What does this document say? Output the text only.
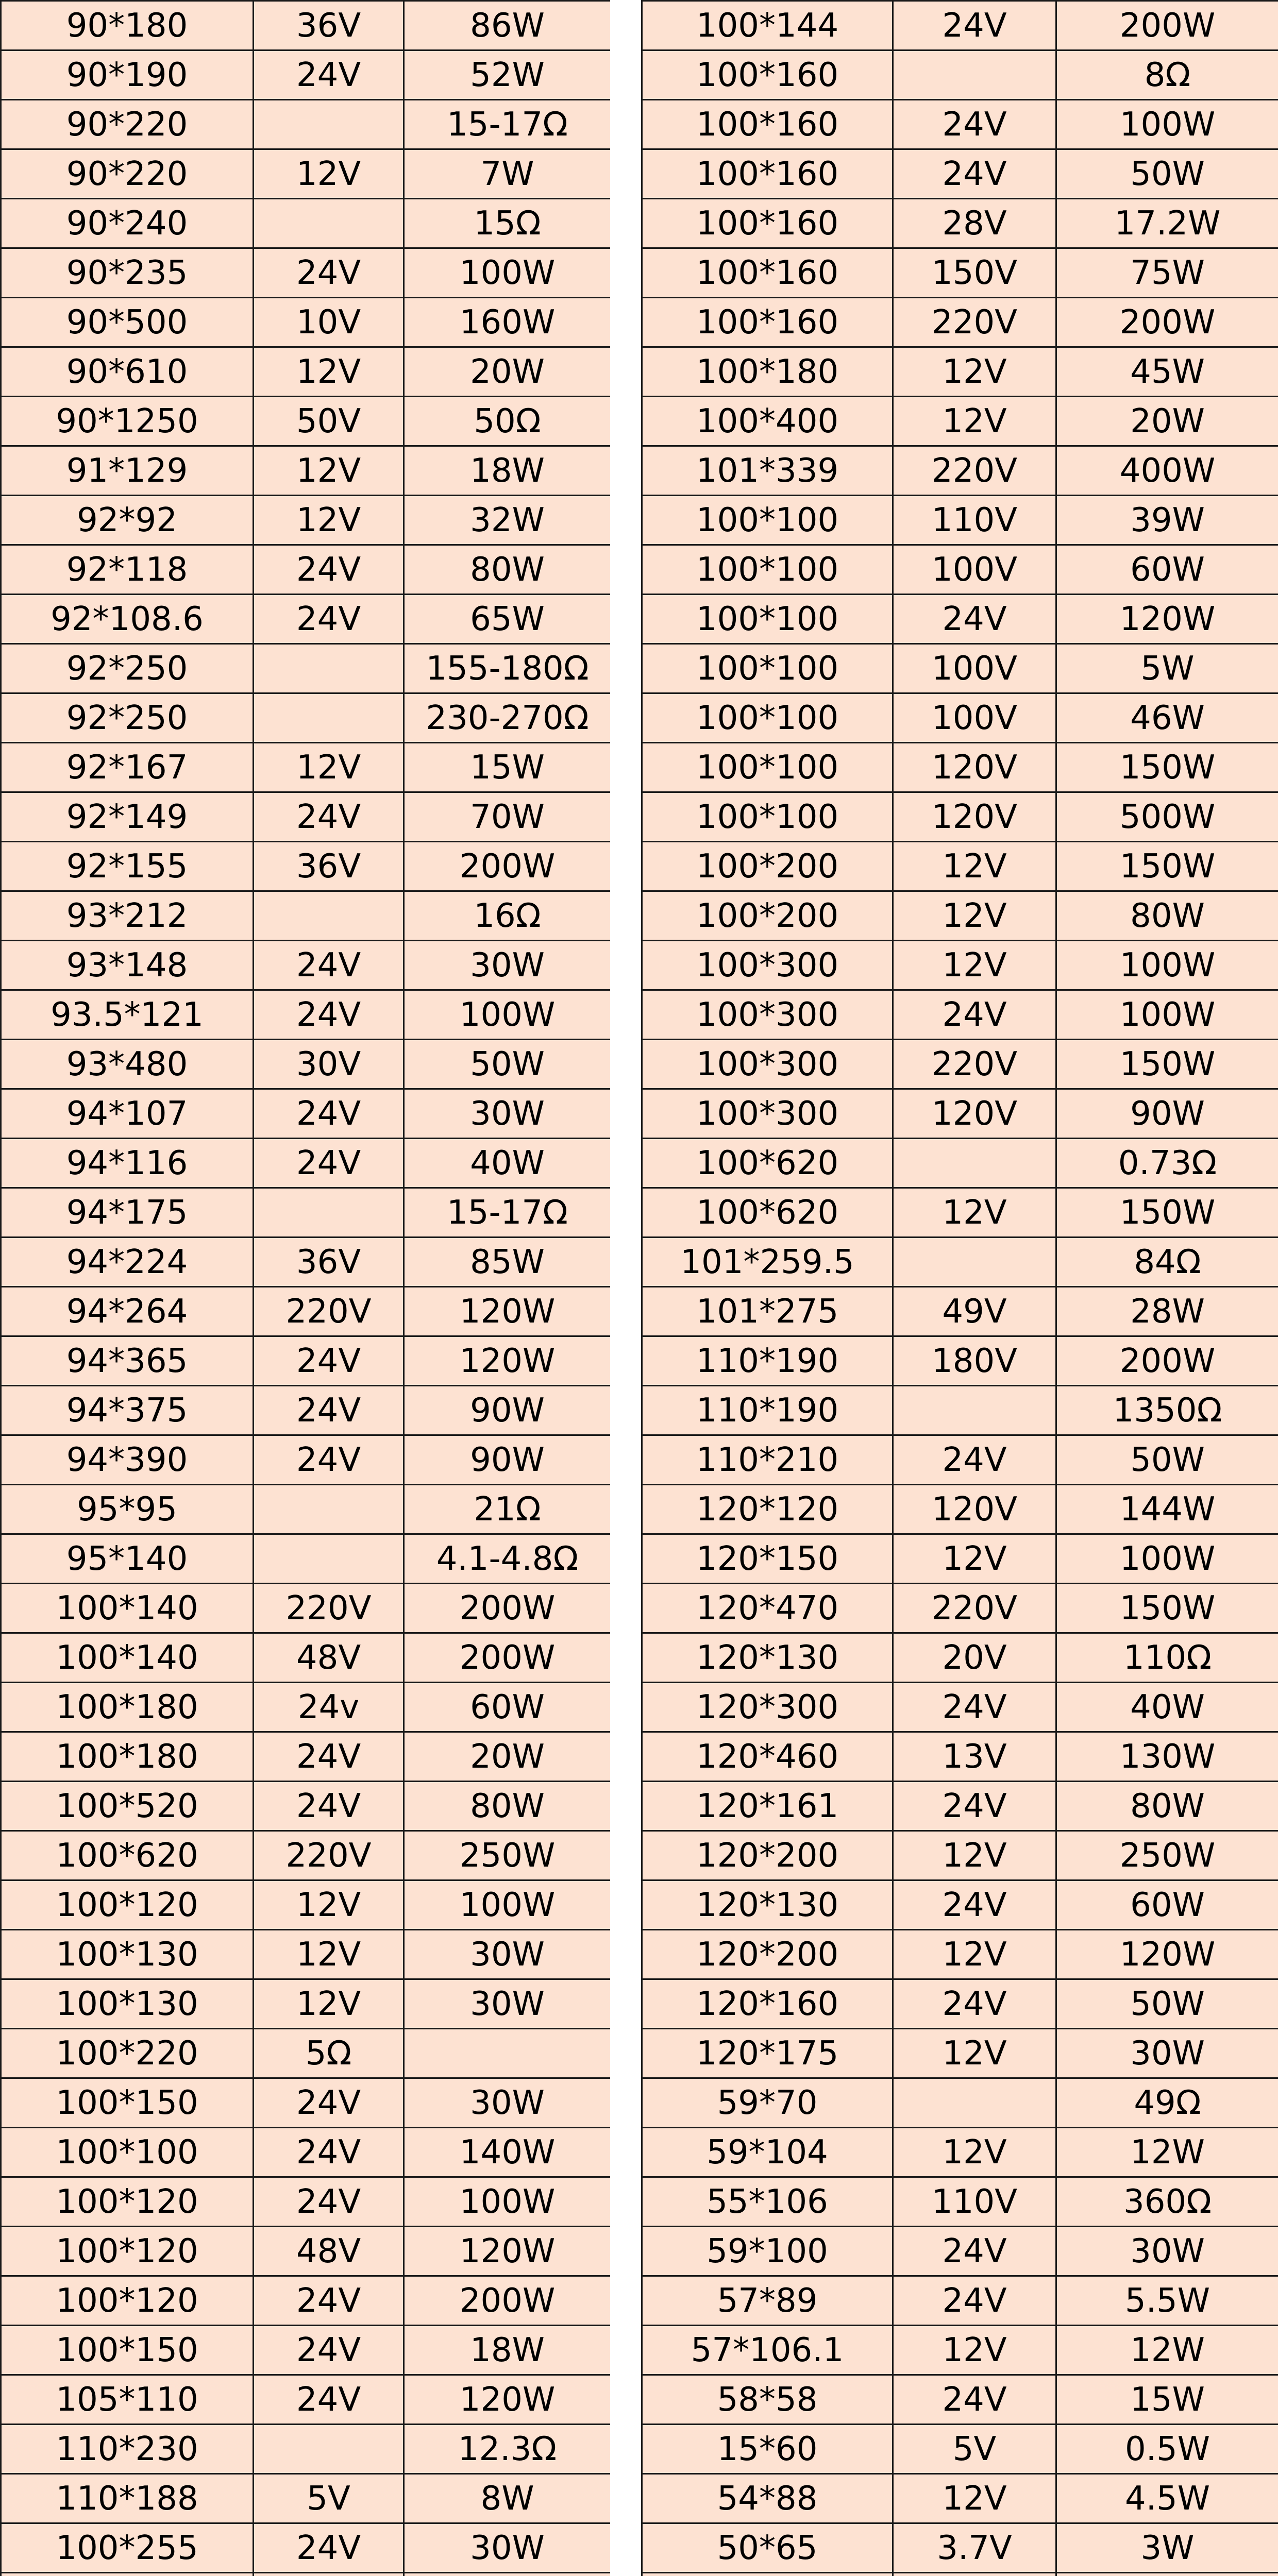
90*180	36V	86W
90*190	24V	52W
90*220		15-17Ω
90*220	12V	7W
90*240		15Ω
90*235	24V	100W
90*500	10V	160W
90*610	12V	20W
90*1250	50V	50Ω
91*129	12V	18W
92*92	12V	32W
92*118	24V	80W
92*108.6	24V	65W
92*250		155-180Ω
92*250		230-270Ω
92*167	12V	15W
92*149	24V	70W
92*155	36V	200W
93*212		16Ω
93*148	24V	30W
93.5*121	24V	100W
93*480	30V	50W
94*107	24V	30W
94*116	24V	40W
94*175		15-17Ω
94*224	36V	85W
94*264	220V	120W
94*365	24V	120W
94*375	24V	90W
94*390	24V	90W
95*95		21Ω
95*140		4.1-4.8Ω
100*140	220V	200W
100*140	48V	200W
100*180	24v	60W
100*180	24V	20W
100*520	24V	80W
100*620	220V	250W
100*120	12V	100W
100*130	12V	30W
100*130	12V	30W
100*220	5Ω	
100*150	24V	30W
100*100	24V	140W
100*120	24V	100W
100*120	48V	120W
100*120	24V	200W
100*150	24V	18W
105*110	24V	120W
110*230		12.3Ω
110*188	5V	8W
100*255	24V	30W

100*144	24V	200W
100*160		8Ω
100*160	24V	100W
100*160	24V	50W
100*160	28V	17.2W
100*160	150V	75W
100*160	220V	200W
100*180	12V	45W
100*400	12V	20W
101*339	220V	400W
100*100	110V	39W
100*100	100V	60W
100*100	24V	120W
100*100	100V	5W
100*100	100V	46W
100*100	120V	150W
100*100	120V	500W
100*200	12V	150W
100*200	12V	80W
100*300	12V	100W
100*300	24V	100W
100*300	220V	150W
100*300	120V	90W
100*620		0.73Ω
100*620	12V	150W
101*259.5		84Ω
101*275	49V	28W
110*190	180V	200W
110*190		1350Ω
110*210	24V	50W
120*120	120V	144W
120*150	12V	100W
120*470	220V	150W
120*130	20V	110Ω
120*300	24V	40W
120*460	13V	130W
120*161	24V	80W
120*200	12V	250W
120*130	24V	60W
120*200	12V	120W
120*160	24V	50W
120*175	12V	30W
59*70		49Ω
59*104	12V	12W
55*106	110V	360Ω
59*100	24V	30W
57*89	24V	5.5W
57*106.1	12V	12W
58*58	24V	15W
15*60	5V	0.5W
54*88	12V	4.5W
50*65	3.7V	3W
